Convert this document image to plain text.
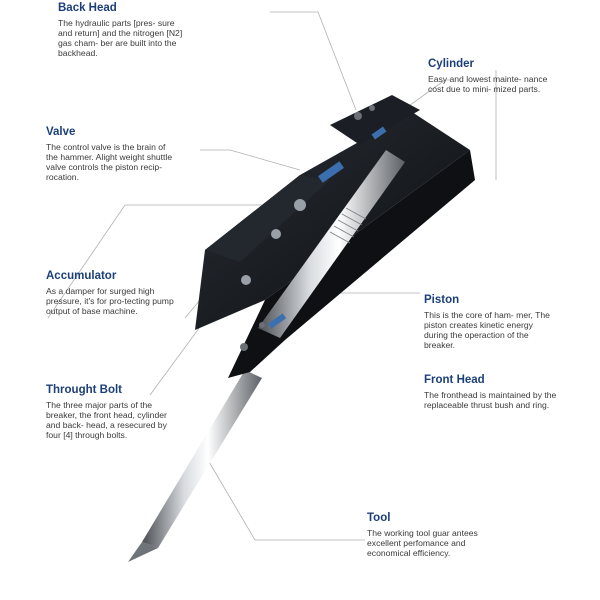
Back Head

The hydraulic parts [pres- sure
and return] and the nitrogen [N2]
gas cham- ber are built into the
backhead.

Cylinder

Easy and lowest mainte- nance
cost due to mini- mized parts.

Valve

The control valve is the brain of
the hammer. Alight weight shuttle
valve controls the piston recip-
rocation.

Accumulator

As a damper for surged high
pressure, it's for pro-tecting pump
output of base machine.

Piston

This is the core of ham- mer, The
piston creates kinetic energy
during the operaction of the
breaker.

Front Head

The fronthead is maintained by the
replaceable thrust bush and ring.

Throught Bolt

The three major parts of the
breaker, the front head, cylinder
and back- head, a resecured by
four [4] through bolts.

Tool

The working tool guar antees
excellent perfomance and
economical efficiency.
